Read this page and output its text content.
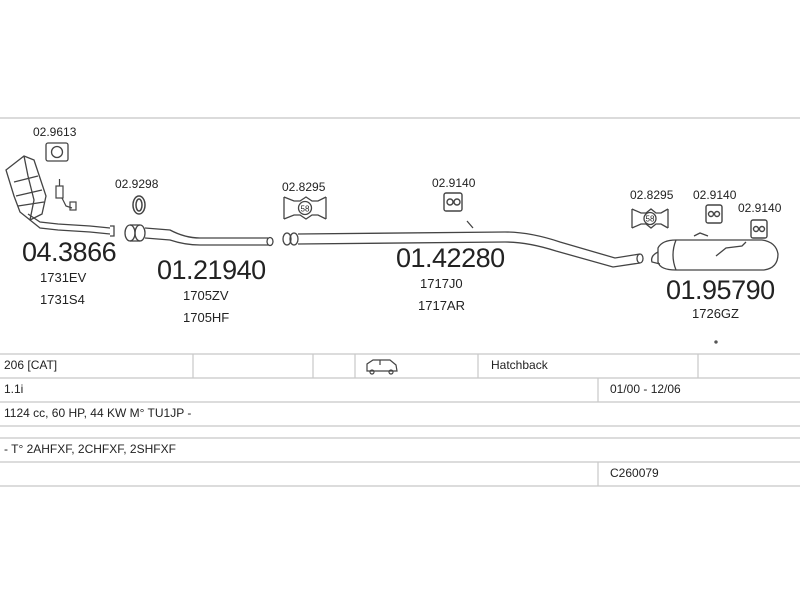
58
58
02.9613
04.3866
1731EV
1731S4
02.9298
01.21940
1705ZV
1705HF
02.8295	02.9140
01.42280
1717J0
1717AR
02.8295 02.9140
02.9140
01.95790
1726GZ
206 [CAT]	Hatchback
1.1i	01/00 - 12/06
1124 cc, 60 HP, 44 KW M° TU1JP -
- T° 2AHFXF, 2CHFXF, 2SHFXF
C260079
